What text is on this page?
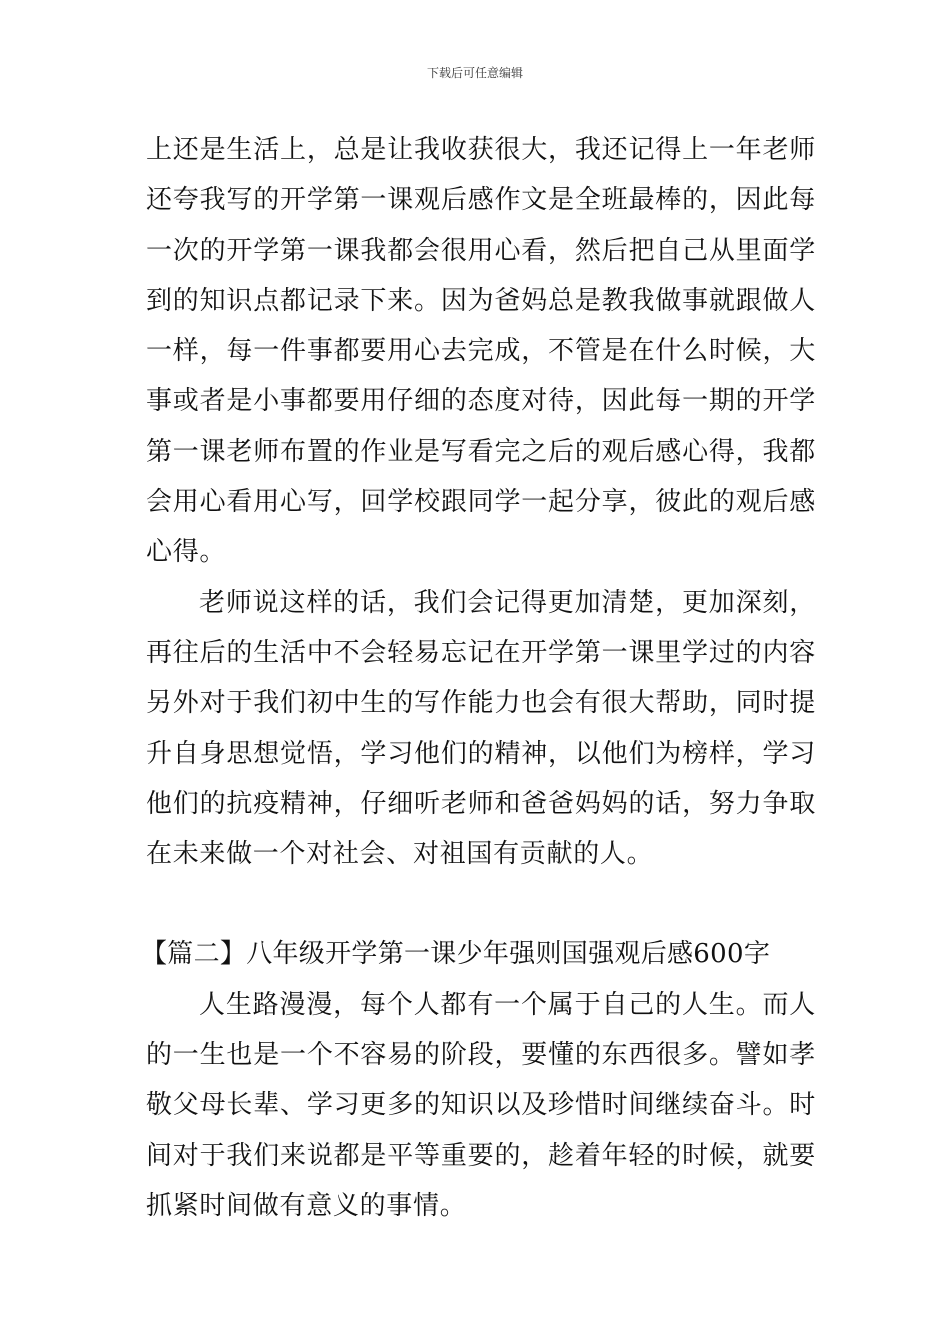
下载后可任意编辑

上还是生活上，总是让我收获很大，我还记得上一年老师还夸我写的开学第一课观后感作文是全班最棒的，因此每一次的开学第一课我都会很用心看，然后把自己从里面学到的知识点都记录下来。因为爸妈总是教我做事就跟做人一样，每一件事都要用心去完成，不管是在什么时候，大事或者是小事都要用仔细的态度对待，因此每一期的开学第一课老师布置的作业是写看完之后的观后感心得，我都会用心看用心写，回学校跟同学一起分享，彼此的观后感心得。

老师说这样的话，我们会记得更加清楚，更加深刻，再往后的生活中不会轻易忘记在开学第一课里学过的内容另外对于我们初中生的写作能力也会有很大帮助，同时提升自身思想觉悟，学习他们的精神，以他们为榜样，学习他们的抗疫精神，仔细听老师和爸爸妈妈的话，努力争取在未来做一个对社会、对祖国有贡献的人。

【篇二】八年级开学第一课少年强则国强观后感600字

人生路漫漫，每个人都有一个属于自己的人生。而人的一生也是一个不容易的阶段，要懂的东西很多。譬如孝敬父母长辈、学习更多的知识以及珍惜时间继续奋斗。时间对于我们来说都是平等重要的，趁着年轻的时候，就要抓紧时间做有意义的事情。
